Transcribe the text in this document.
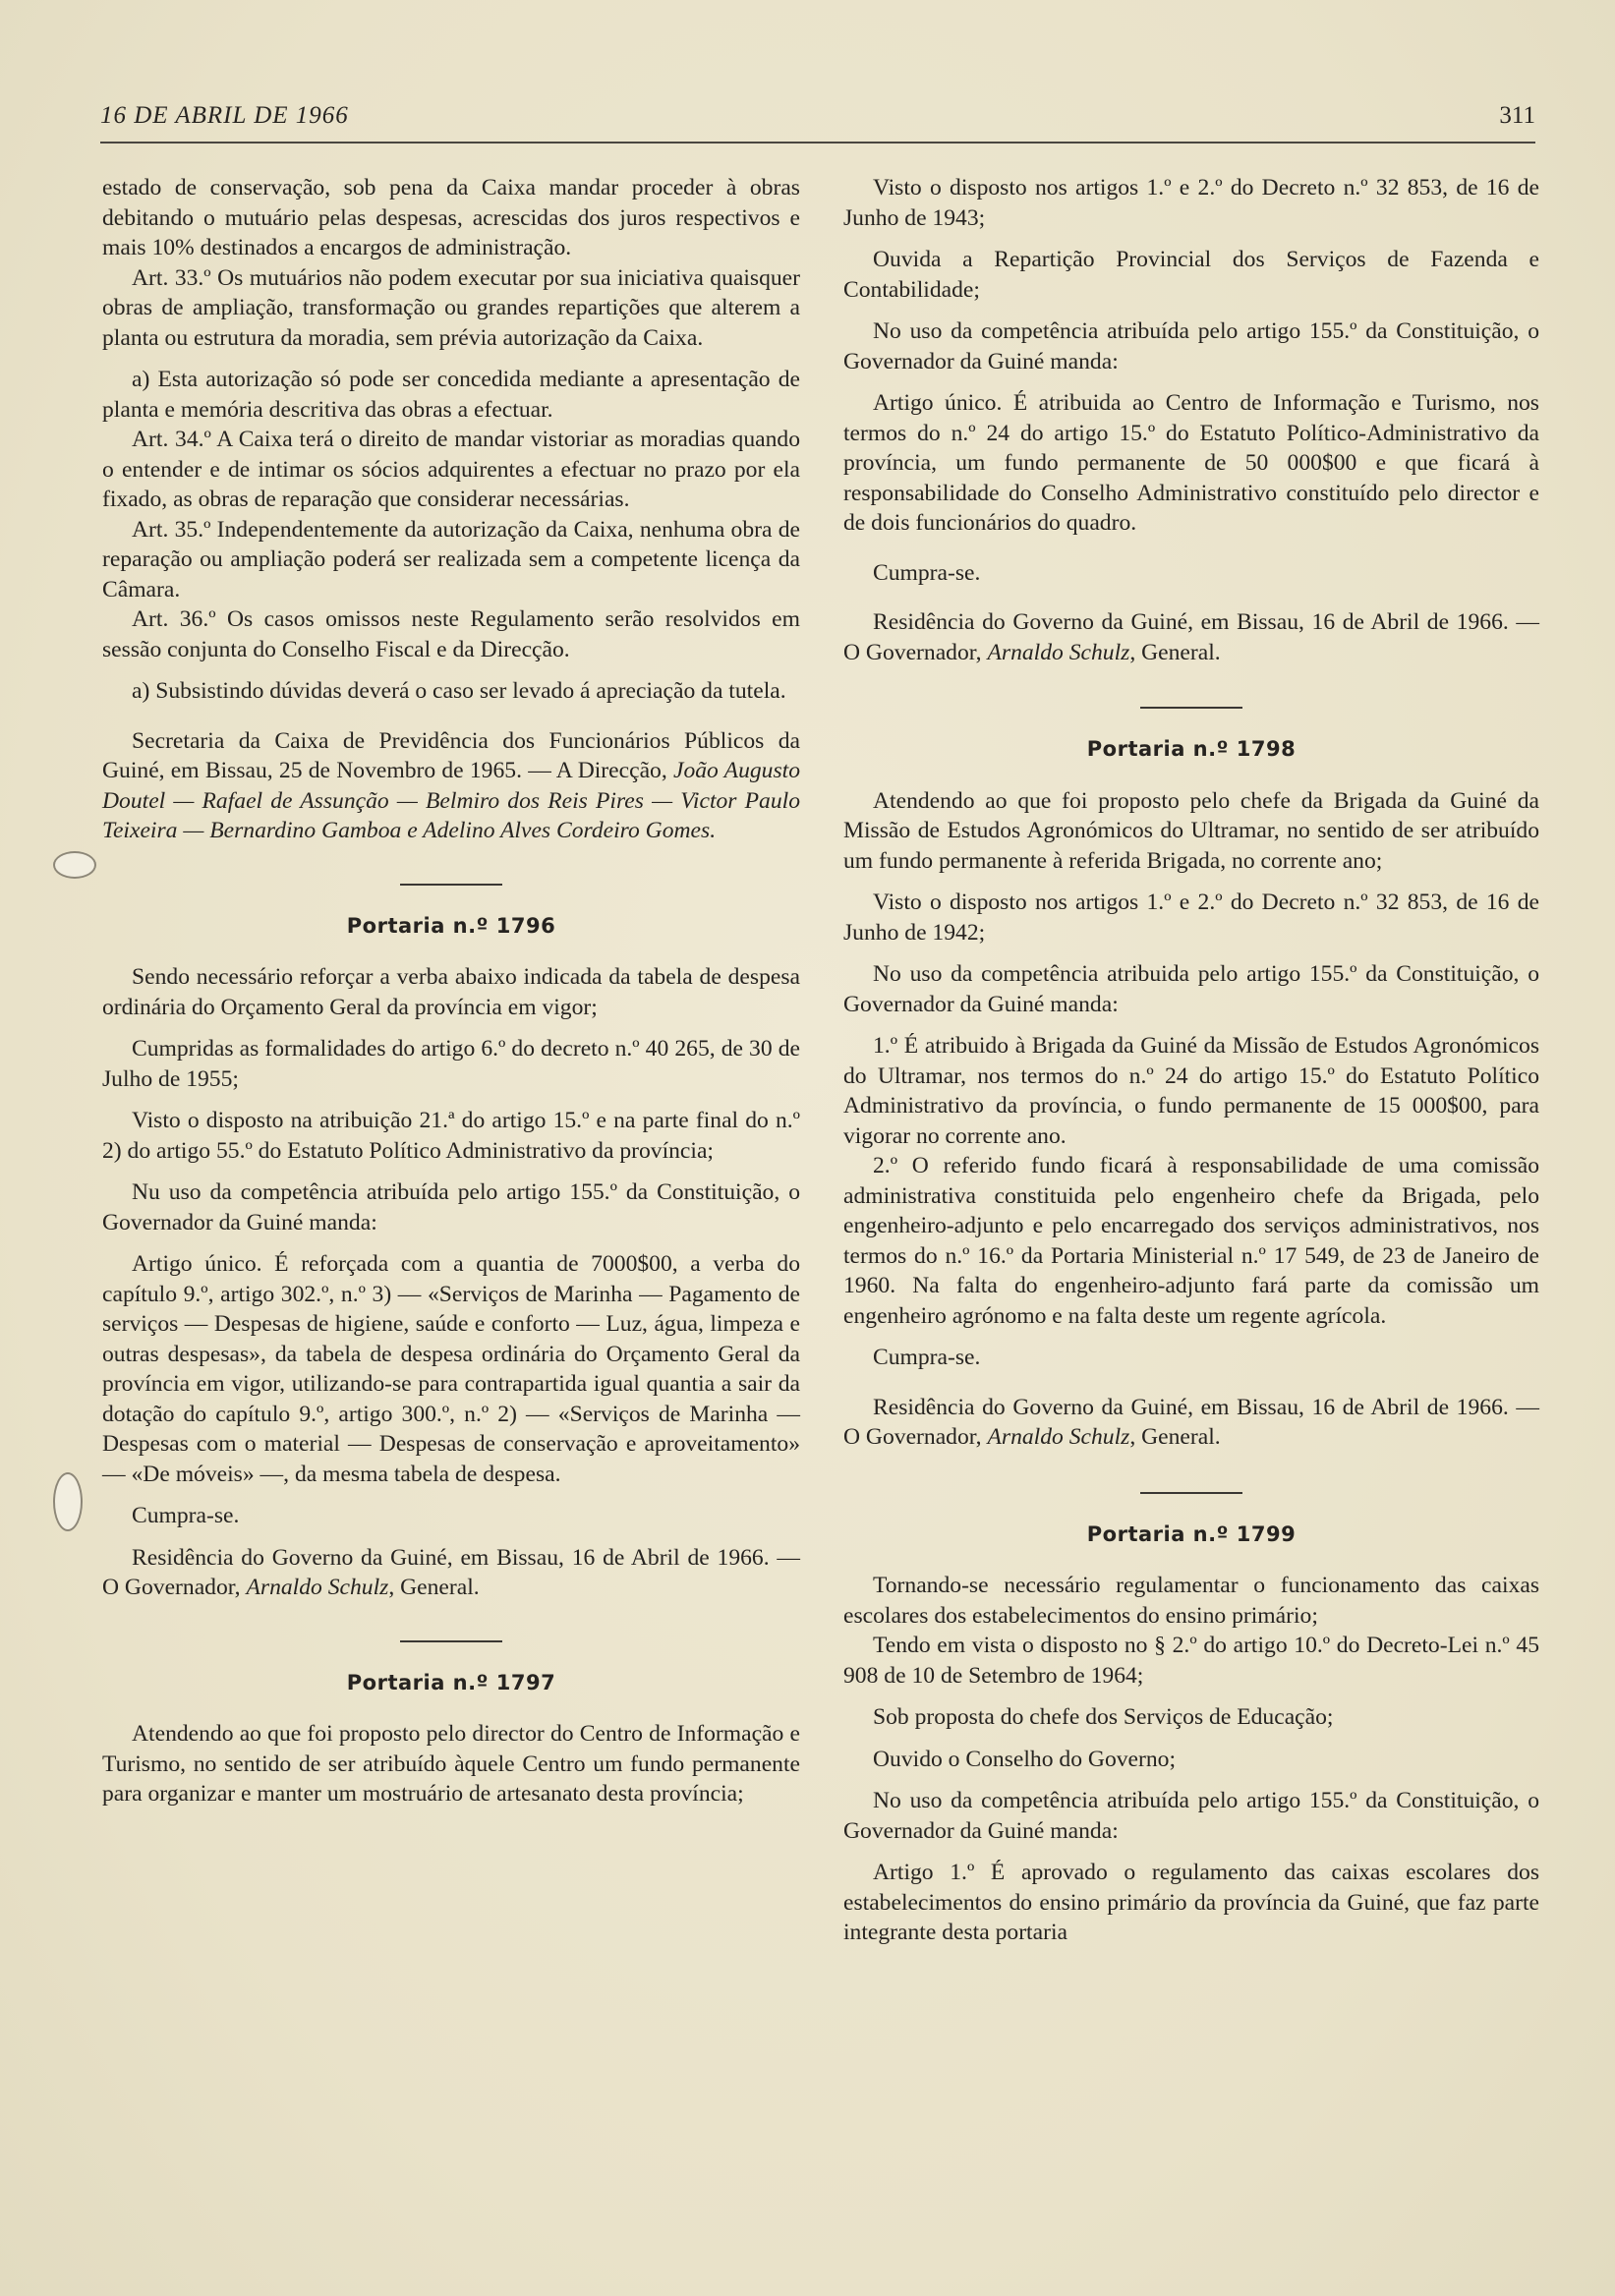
16 DE ABRIL DE 1966	311

estado de conservação, sob pena da Caixa mandar proceder à obras debitando o mutuário pelas despesas, acrescidas dos juros respectivos e mais 10% destinados a encargos de administração.

Art. 33.º Os mutuários não podem executar por sua iniciativa quaisquer obras de ampliação, transformação ou grandes repartições que alterem a planta ou estrutura da moradia, sem prévia autorização da Caixa.

a) Esta autorização só pode ser concedida mediante a apresentação de planta e memória descritiva das obras a efectuar.

Art. 34.º A Caixa terá o direito de mandar vistoriar as moradias quando o entender e de intimar os sócios adquirentes a efectuar no prazo por ela fixado, as obras de reparação que considerar necessárias.

Art. 35.º Independentemente da autorização da Caixa, nenhuma obra de reparação ou ampliação poderá ser realizada sem a competente licença da Câmara.

Art. 36.º Os casos omissos neste Regulamento serão resolvidos em sessão conjunta do Conselho Fiscal e da Direcção.

a) Subsistindo dúvidas deverá o caso ser levado á apreciação da tutela.

Secretaria da Caixa de Previdência dos Funcionários Públicos da Guiné, em Bissau, 25 de Novembro de 1965. — A Direcção, João Augusto Doutel — Rafael de Assunção — Belmiro dos Reis Pires — Victor Paulo Teixeira — Bernardino Gamboa e Adelino Alves Cordeiro Gomes.

Portaria n.º 1796

Sendo necessário reforçar a verba abaixo indicada da tabela de despesa ordinária do Orçamento Geral da província em vigor;

Cumpridas as formalidades do artigo 6.º do decreto n.º 40 265, de 30 de Julho de 1955;

Visto o disposto na atribuição 21.ª do artigo 15.º e na parte final do n.º 2) do artigo 55.º do Estatuto Político Administrativo da província;

Nu uso da competência atribuída pelo artigo 155.º da Constituição, o Governador da Guiné manda:

Artigo único. É reforçada com a quantia de 7000$00, a verba do capítulo 9.º, artigo 302.º, n.º 3) — «Serviços de Marinha — Pagamento de serviços — Despesas de higiene, saúde e conforto — Luz, água, limpeza e outras despesas», da tabela de despesa ordinária do Orçamento Geral da província em vigor, utilizando-se para contrapartida igual quantia a sair da dotação do capítulo 9.º, artigo 300.º, n.º 2) — «Serviços de Marinha — Despesas com o material — Despesas de conservação e aproveitamento» — «De móveis» —, da mesma tabela de despesa.

Cumpra-se.

Residência do Governo da Guiné, em Bissau, 16 de Abril de 1966. — O Governador, Arnaldo Schulz, General.

Portaria n.º 1797

Atendendo ao que foi proposto pelo director do Centro de Informação e Turismo, no sentido de ser atribuído àquele Centro um fundo permanente para organizar e manter um mostruário de artesanato desta província;

Visto o disposto nos artigos 1.º e 2.º do Decreto n.º 32 853, de 16 de Junho de 1943;

Ouvida a Repartição Provincial dos Serviços de Fazenda e Contabilidade;

No uso da competência atribuída pelo artigo 155.º da Constituição, o Governador da Guiné manda:

Artigo único. É atribuida ao Centro de Informação e Turismo, nos termos do n.º 24 do artigo 15.º do Estatuto Político-Administrativo da província, um fundo permanente de 50 000$00 e que ficará à responsabilidade do Conselho Administrativo constituído pelo director e de dois funcionários do quadro.

Cumpra-se.

Residência do Governo da Guiné, em Bissau, 16 de Abril de 1966. — O Governador, Arnaldo Schulz, General.

Portaria n.º 1798

Atendendo ao que foi proposto pelo chefe da Brigada da Guiné da Missão de Estudos Agronómicos do Ultramar, no sentido de ser atribuído um fundo permanente à referida Brigada, no corrente ano;

Visto o disposto nos artigos 1.º e 2.º do Decreto n.º 32 853, de 16 de Junho de 1942;

No uso da competência atribuida pelo artigo 155.º da Constituição, o Governador da Guiné manda:

1.º É atribuido à Brigada da Guiné da Missão de Estudos Agronómicos do Ultramar, nos termos do n.º 24 do artigo 15.º do Estatuto Político Administrativo da província, o fundo permanente de 15 000$00, para vigorar no corrente ano.

2.º O referido fundo ficará à responsabilidade de uma comissão administrativa constituida pelo engenheiro chefe da Brigada, pelo engenheiro-adjunto e pelo encarregado dos serviços administrativos, nos termos do n.º 16.º da Portaria Ministerial n.º 17 549, de 23 de Janeiro de 1960. Na falta do engenheiro-adjunto fará parte da comissão um engenheiro agrónomo e na falta deste um regente agrícola.

Cumpra-se.

Residência do Governo da Guiné, em Bissau, 16 de Abril de 1966. — O Governador, Arnaldo Schulz, General.

Portaria n.º 1799

Tornando-se necessário regulamentar o funcionamento das caixas escolares dos estabelecimentos do ensino primário;

Tendo em vista o disposto no § 2.º do artigo 10.º do Decreto-Lei n.º 45 908 de 10 de Setembro de 1964;

Sob proposta do chefe dos Serviços de Educação;

Ouvido o Conselho do Governo;

No uso da competência atribuída pelo artigo 155.º da Constituição, o Governador da Guiné manda:

Artigo 1.º É aprovado o regulamento das caixas escolares dos estabelecimentos do ensino primário da província da Guiné, que faz parte integrante desta portaria
